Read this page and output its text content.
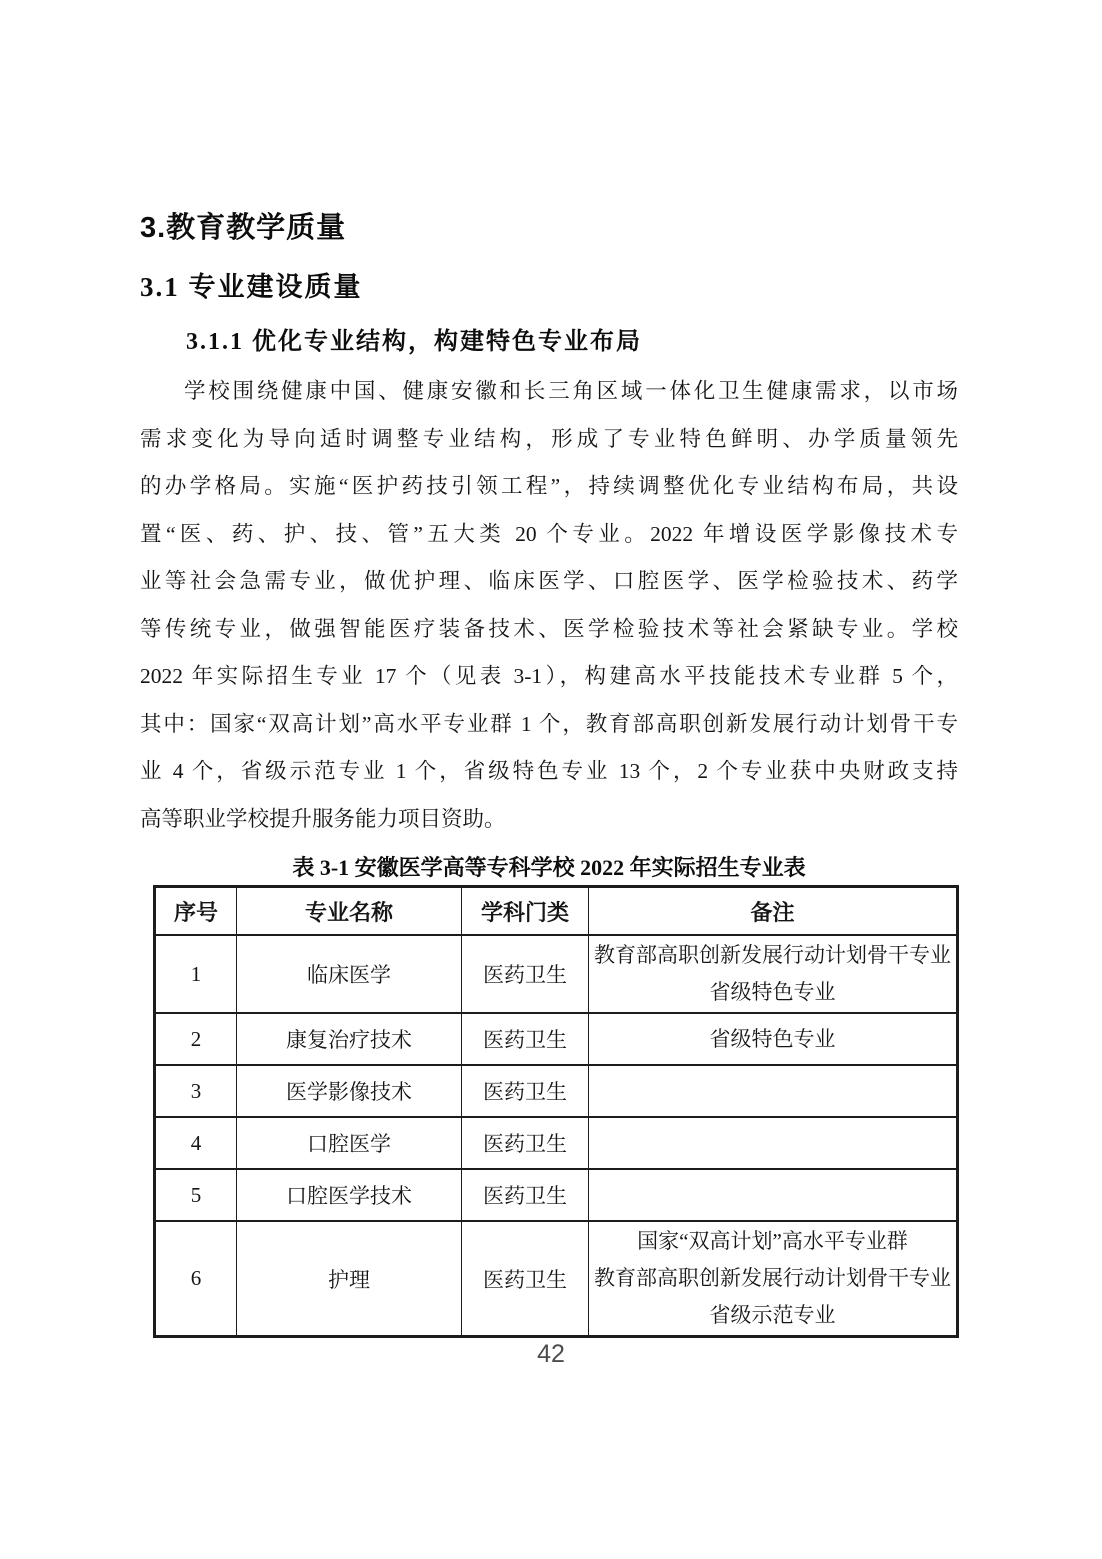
3.教育教学质量
3.1 专业建设质量
3.1.1 优化专业结构，构建特色专业布局
学校围绕健康中国、健康安徽和长三角区域一体化卫生健康需求，以市场
需求变化为导向适时调整专业结构，形成了专业特色鲜明、办学质量领先
的办学格局。实施“医护药技引领工程”，持续调整优化专业结构布局，共设
置“医、药、护、技、管”五大类 20 个专业。2022 年增设医学影像技术专
业等社会急需专业，做优护理、临床医学、口腔医学、医学检验技术、药学
等传统专业，做强智能医疗装备技术、医学检验技术等社会紧缺专业。学校
2022 年实际招生专业 17 个（见表 3-1），构建高水平技能技术专业群 5 个，
其中：国家“双高计划”高水平专业群 1 个，教育部高职创新发展行动计划骨干专
业 4 个，省级示范专业 1 个，省级特色专业 13 个，2 个专业获中央财政支持
高等职业学校提升服务能力项目资助。
表 3-1 安徽医学高等专科学校 2022 年实际招生专业表
序号	专业名称	学科门类	备注
1	临床医学	医药卫生	教育部高职创新发展行动计划骨干专业
省级特色专业

2	康复治疗技术	医药卫生	省级特色专业

3	医学影像技术	医药卫生	

4	口腔医学	医药卫生	

5	口腔医学技术	医药卫生	

6	护理	医药卫生	国家“双高计划”高水平专业群
教育部高职创新发展行动计划骨干专业
省级示范专业
42
